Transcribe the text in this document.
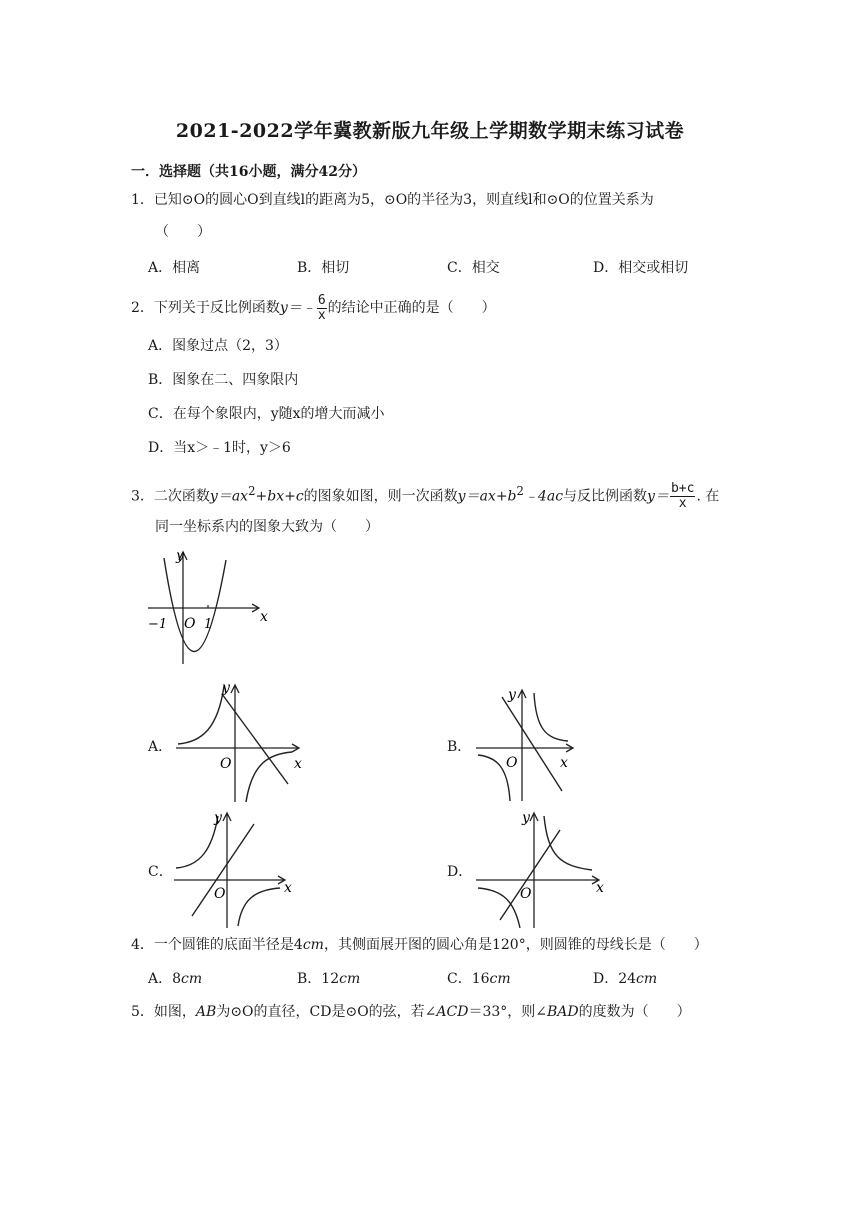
2021-2022学年冀教新版九年级上学期数学期末练习试卷
一．选择题（共16小题，满分42分）
1．已知⊙O的圆心O到直线l的距离为5，⊙O的半径为3，则直线l和⊙O的位置关系为
（　　）
A．相离	B．相切	C．相交	D．相交或相切
2．下列关于反比例函数y＝﹣ $\frac{6}{x}$ 的结论中正确的是（　　）
A．图象过点（2，3）
B．图象在二、四象限内
C．在每个象限内，y随x的增大而减小
D．当x＞﹣1时，y＞6
3．二次函数$y=ax^2+bx+c$的图象如图，则一次函数$y=ax+b^2﹣4ac$与反比例函数$y= \frac{b+c}{x}$ . 在
同一坐标系内的图象大致为（　　）
y
x
O
−1	1
A．
y
x
O
B．
y
x
O
C．
y
x
O
D．
y
x
O
4．一个圆锥的底面半径是4cm，其侧面展开图的圆心角是120°，则圆锥的母线长是（　　）
A．8cm	B．12cm	C．16cm	D．24cm
5．如图，AB为⊙O的直径，CD是⊙O的弦，若∠ACD＝33°，则∠BAD的度数为（　　）
